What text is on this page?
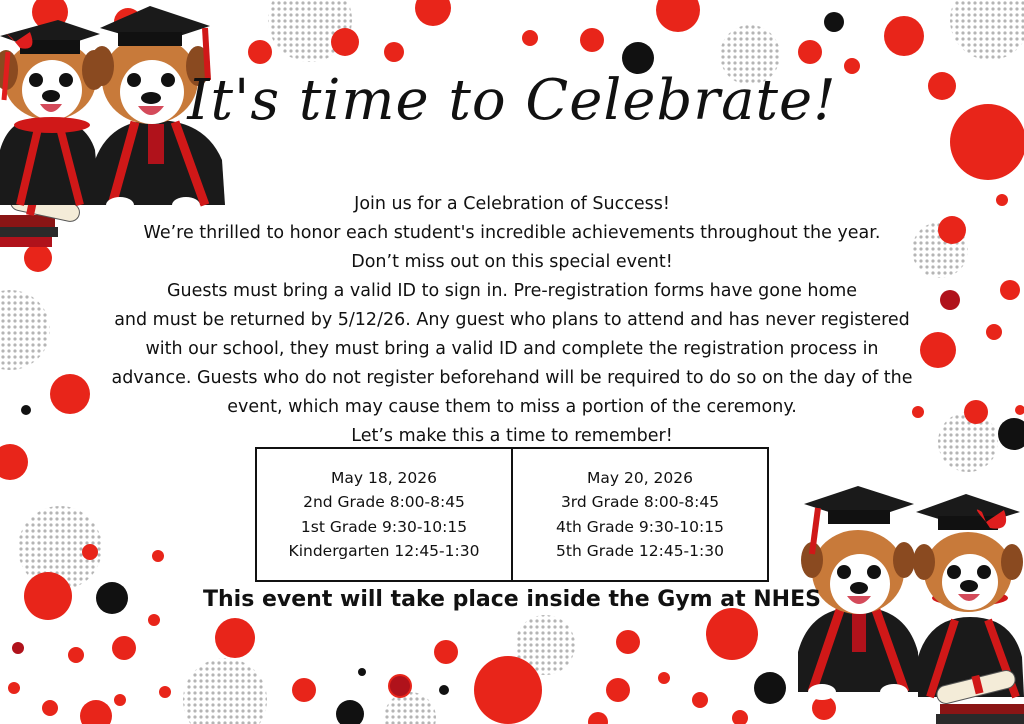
It's time to Celebrate!
Join us for a Celebration of Success!
We’re thrilled to honor each student's incredible achievements throughout the year.
Don’t miss out on this special event!
Guests must bring a valid ID to sign in. Pre-registration forms have gone home
and must be returned by 5/12/26. Any guest who plans to attend and has never registered
with our school, they must bring a valid ID and complete the registration process in
advance. Guests who do not register beforehand will be required to do so on the day of the
event, which may cause them to miss a portion of the ceremony.
Let’s make this a time to remember!
May 18, 2026
2nd Grade 8:00-8:45
1st Grade 9:30-10:15
Kindergarten 12:45-1:30
May 20, 2026
3rd Grade 8:00-8:45
4th Grade 9:30-10:15
5th Grade 12:45-1:30
This event will take place inside the Gym at NHES
